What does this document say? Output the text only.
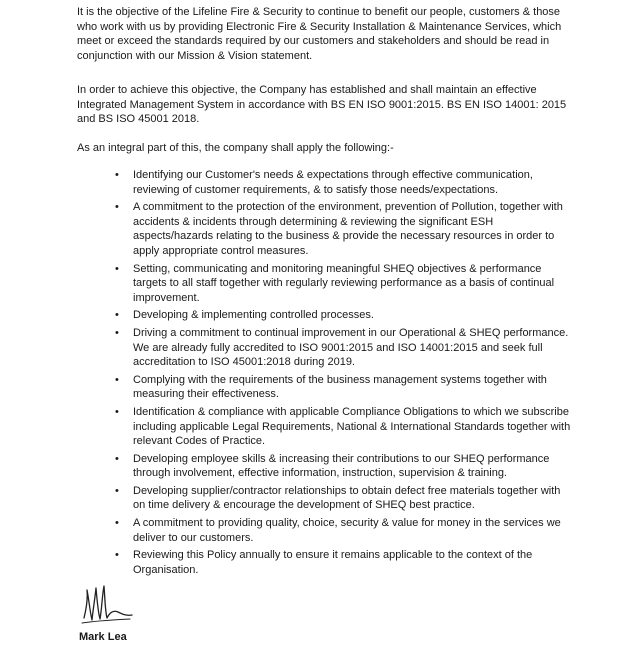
It is the objective of the Lifeline Fire & Security to continue to benefit our people, customers & those who work with us by providing Electronic Fire & Security Installation & Maintenance Services, which meet or exceed the standards required by our customers and stakeholders and should be read in conjunction with our Mission & Vision statement.

In order to achieve this objective, the Company has established and shall maintain an effective Integrated Management System in accordance with BS EN ISO 9001:2015. BS EN ISO 14001: 2015 and BS ISO 45001 2018.

As an integral part of this, the company shall apply the following:-

• Identifying our Customer's needs & expectations through effective communication, reviewing of customer requirements, & to satisfy those needs/expectations.
• A commitment to the protection of the environment, prevention of Pollution, together with accidents & incidents through determining & reviewing the significant ESH aspects/hazards relating to the business & provide the necessary resources in order to apply appropriate control measures.
• Setting, communicating and monitoring meaningful SHEQ objectives & performance targets to all staff together with regularly reviewing performance as a basis of continual improvement.
• Developing & implementing controlled processes.
• Driving a commitment to continual improvement in our Operational & SHEQ performance. We are already fully accredited to ISO 9001:2015 and ISO 14001:2015 and seek full accreditation to ISO 45001:2018 during 2019.
• Complying with the requirements of the business management systems together with measuring their effectiveness.
• Identification & compliance with applicable Compliance Obligations to which we subscribe including applicable Legal Requirements, National & International Standards together with relevant Codes of Practice.
• Developing employee skills & increasing their contributions to our SHEQ performance through involvement, effective information, instruction, supervision & training.
• Developing supplier/contractor relationships to obtain defect free materials together with on time delivery & encourage the development of SHEQ best practice.
• A commitment to providing quality, choice, security & value for money in the services we deliver to our customers.
• Reviewing this Policy annually to ensure it remains applicable to the context of the Organisation.
Mark Lea
